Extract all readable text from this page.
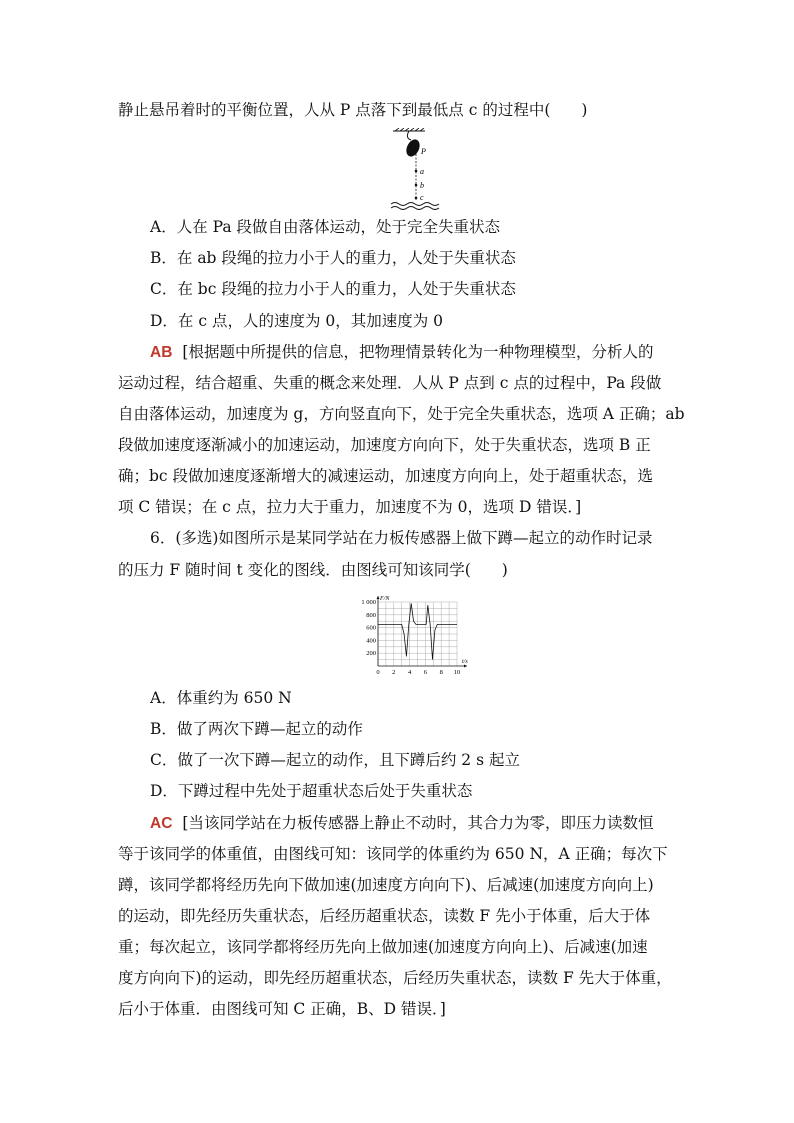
静止悬吊着时的平衡位置，人从 P 点落下到最低点 c 的过程中(　　)
P
a
b
c
A．人在 Pa 段做自由落体运动，处于完全失重状态
B．在 ab 段绳的拉力小于人的重力，人处于失重状态
C．在 bc 段绳的拉力小于人的重力，人处于失重状态
D．在 c 点，人的速度为 0，其加速度为 0
AB [根据题中所提供的信息，把物理情景转化为一种物理模型，分析人的
运动过程，结合超重、失重的概念来处理．人从 P 点到 c 点的过程中，Pa 段做
自由落体运动，加速度为 g，方向竖直向下，处于完全失重状态，选项 A 正确；ab
段做加速度逐渐减小的加速运动，加速度方向向下，处于失重状态，选项 B 正
确；bc 段做加速度逐渐增大的减速运动，加速度方向向上，处于超重状态，选
项 C 错误；在 c 点，拉力大于重力，加速度不为 0，选项 D 错误．]
6．(多选)如图所示是某同学站在力板传感器上做下蹲—起立的动作时记录
的压力 F 随时间 t 变化的图线．由图线可知该同学(　　)
F/N
t/s
0 2 4 6 8 10
200
400
600
800
1 000
A．体重约为 650 N
B．做了两次下蹲—起立的动作
C．做了一次下蹲—起立的动作，且下蹲后约 2 s 起立
D．下蹲过程中先处于超重状态后处于失重状态
AC [当该同学站在力板传感器上静止不动时，其合力为零，即压力读数恒
等于该同学的体重值，由图线可知：该同学的体重约为 650 N，A 正确；每次下
蹲，该同学都将经历先向下做加速(加速度方向向下)、后减速(加速度方向向上)
的运动，即先经历失重状态，后经历超重状态，读数 F 先小于体重，后大于体
重；每次起立，该同学都将经历先向上做加速(加速度方向向上)、后减速(加速
度方向向下)的运动，即先经历超重状态，后经历失重状态，读数 F 先大于体重，
后小于体重．由图线可知 C 正确，B、D 错误．]
